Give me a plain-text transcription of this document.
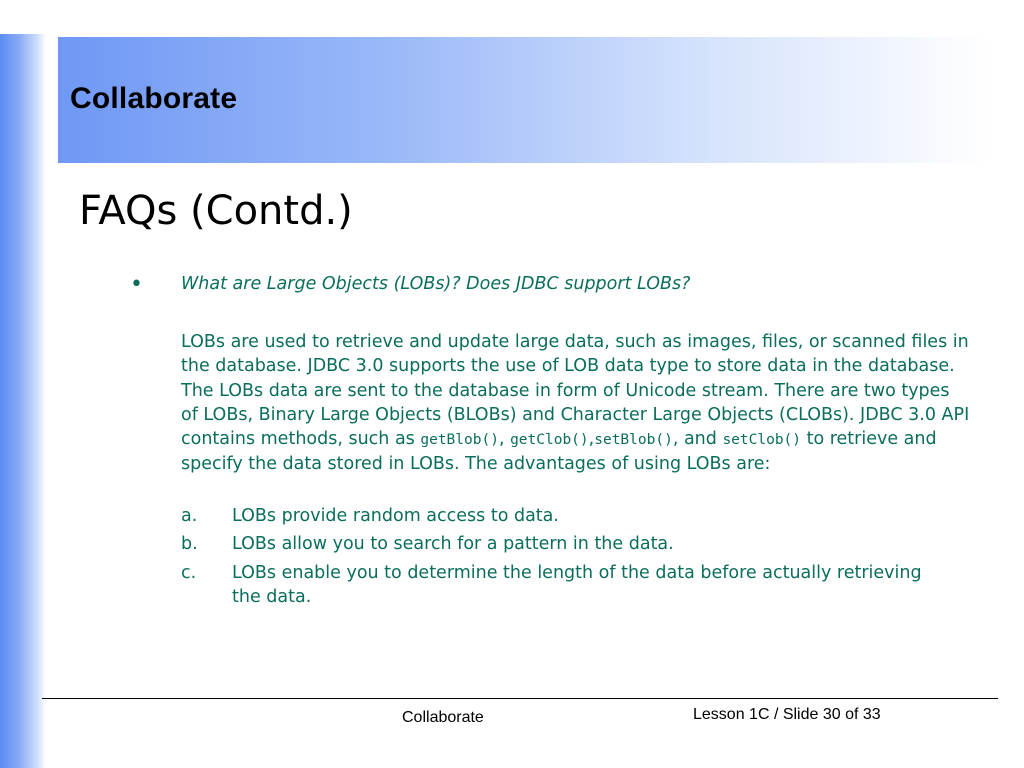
Collaborate
FAQs (Contd.)
• What are Large Objects (LOBs)? Does JDBC support LOBs?
LOBs are used to retrieve and update large data, such as images, files, or scanned files in the database. JDBC 3.0 supports the use of LOB data type to store data in the database. The LOBs data are sent to the database in form of Unicode stream. There are two types of LOBs, Binary Large Objects (BLOBs) and Character Large Objects (CLOBs). JDBC 3.0 API contains methods, such as getBlob(), getClob(),setBlob(), and setClob() to retrieve and specify the data stored in LOBs. The advantages of using LOBs are:
a. LOBs provide random access to data.
b. LOBs allow you to search for a pattern in the data.
c. LOBs enable you to determine the length of the data before actually retrieving the data.
Collaborate	Lesson 1C / Slide 30 of 33
